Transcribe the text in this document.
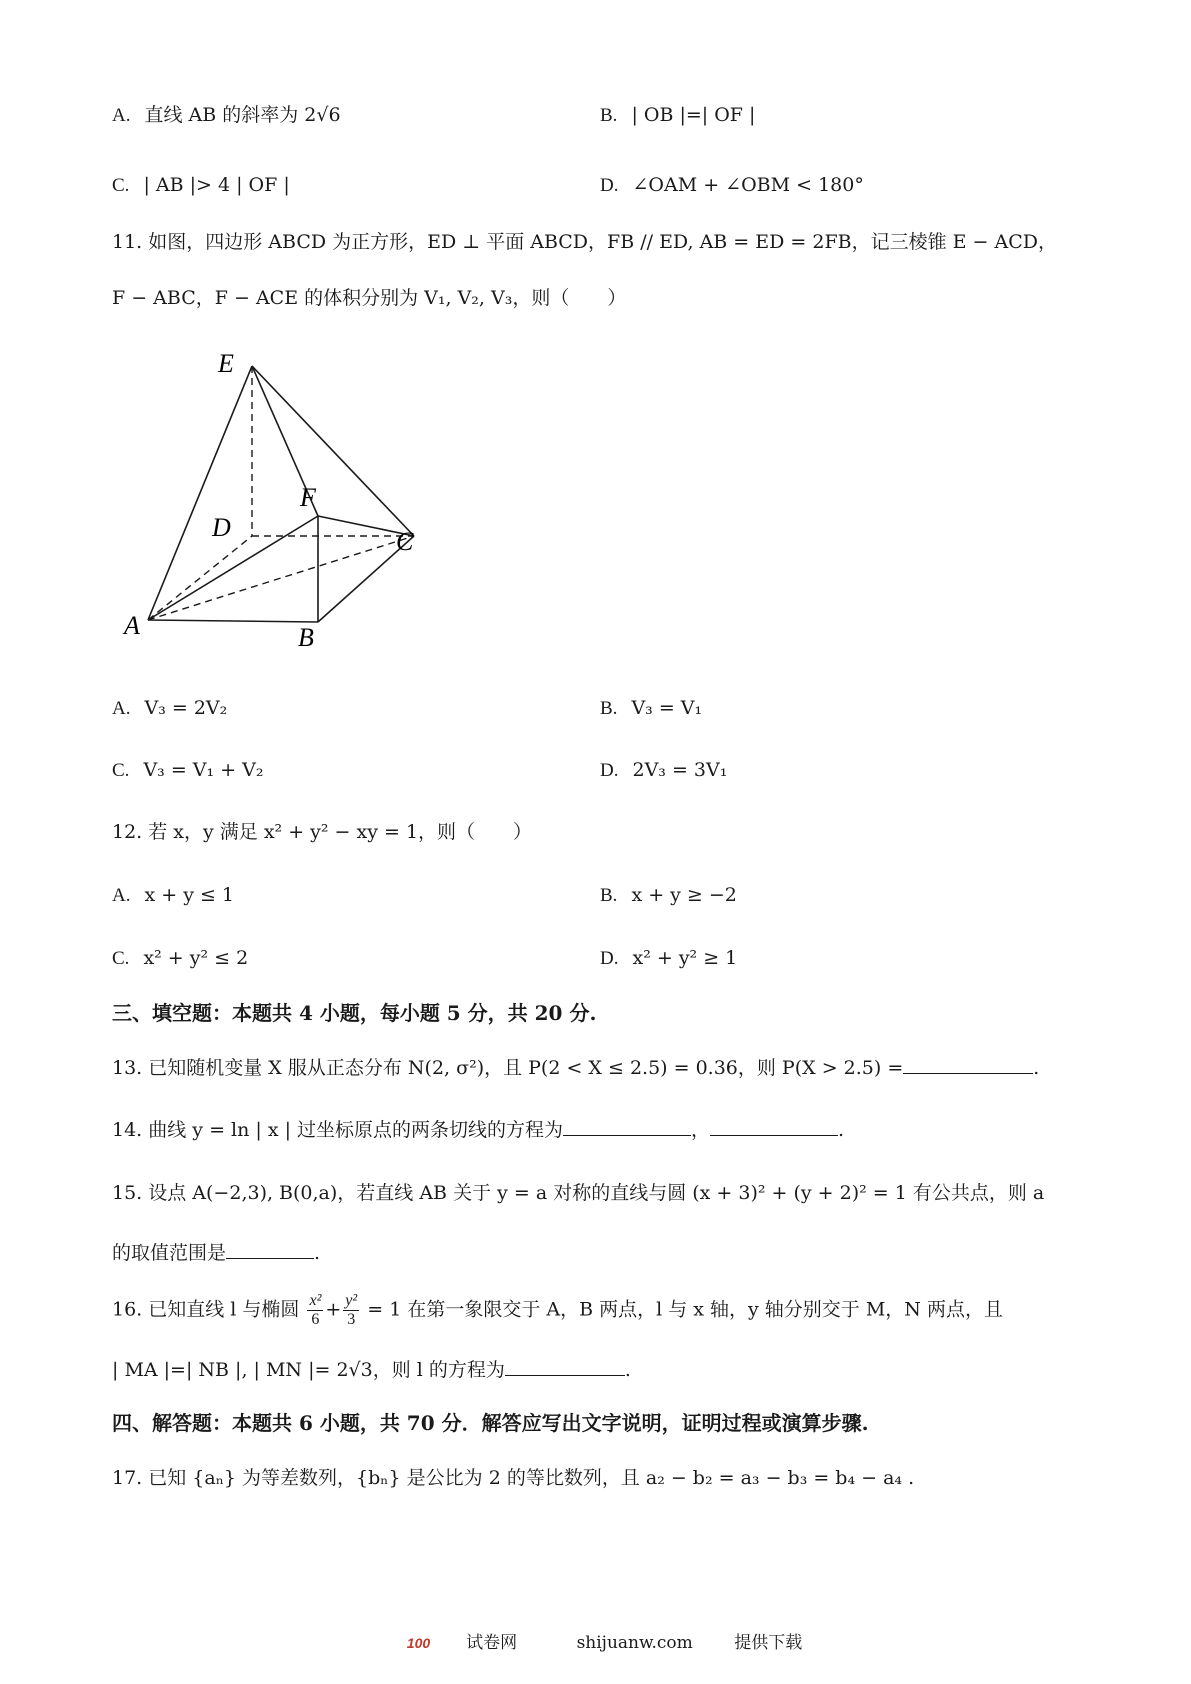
A. 直线 AB 的斜率为 2√6	B. | OB |=| OF |
C. | AB |> 4 | OF |	D. ∠OAM + ∠OBM < 180°
11. 如图，四边形 ABCD 为正方形，ED ⊥ 平面 ABCD，FB // ED, AB = ED = 2FB，记三棱锥 E − ACD，
F − ABC，F − ACE 的体积分别为 V₁, V₂, V₃，则（　　）
E
F
D	C
A	B
A. V₃ = 2V₂	B. V₃ = V₁
C. V₃ = V₁ + V₂	D. 2V₃ = 3V₁
12. 若 x，y 满足 x² + y² − xy = 1，则（　　）
A. x + y ≤ 1	B. x + y ≥ −2
C. x² + y² ≤ 2	D. x² + y² ≥ 1
三、填空题：本题共 4 小题，每小题 5 分，共 20 分.
13. 已知随机变量 X 服从正态分布 N(2, σ²)，且 P(2 < X ≤ 2.5) = 0.36，则 P(X > 2.5) =	.
14. 曲线 y = ln | x | 过坐标原点的两条切线的方程为	，	.
15. 设点 A(−2,3), B(0,a)，若直线 AB 关于 y = a 对称的直线与圆 (x + 3)² + (y + 2)² = 1 有公共点，则 a
的取值范围是	.
16. 已知直线 l 与椭圆 $\frac{\text{x²}}{6} + \frac{\text{y²}}{3} = 1$ 在第一象限交于 A，B 两点，l 与 x 轴，y 轴分别交于 M，N 两点，且
| MA |=| NB |, | MN |= 2√3，则 l 的方程为	.
四、解答题：本题共 6 小题，共 70 分．解答应写出文字说明，证明过程或演算步骤.
17. 已知 {aₙ} 为等差数列，{bₙ} 是公比为 2 的等比数列，且 a₂ − b₂ = a₃ − b₃ = b₄ − a₄ .
100 试卷网	shijuanw.com 提供下载
